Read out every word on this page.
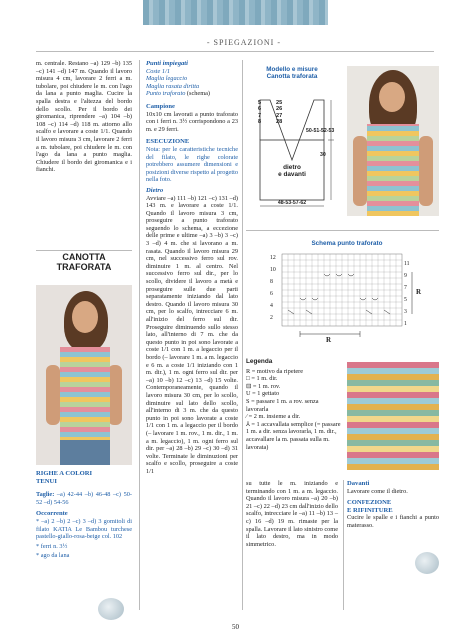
- SPIEGAZIONI -

m. centrale. Restano –a) 129 –b) 135 –c) 141 –d) 147 m. Quando il lavoro misura 4 cm, lavorare 2 ferri a m. tubolare, poi chiudere le m. con l'ago da lana a punto maglia. Cucire la spalla destra e l'altezza del bordo dello scollo. Per il bordo dei giromanica, riprendere –a) 104 –b) 108 –c) 114 –d) 118 m. attorno allo scalfo e lavorare a coste 1/1. Quando il lavoro misura 3 cm, lavorare 2 ferri a m. tubolare, poi chiudere le m. con l'ago da lana a punto maglia. Chiudere il bordo dei giromanica e i fianchi.

CANOTTA
TRAFORATA
RIGHE A COLORI
TENUI

Taglie: –a) 42-44 –b) 46-48 –c) 50-52 –d) 54-56

Occorrente

* –a) 2 –b) 2 –c) 3 –d) 3 gomitoli di filato KATIA Le Bambou turchese pastello-giallo-rosa-beige col. 102

* ferri n. 3½

* ago da lana

Punti impiegati
Coste 1/1
Maglia legaccio
Maglia rasata diritta
Punto traforato (schema)
Campione

10x10 cm lavorati a punto traforato con i ferri n. 3½ corrispondono a 23 m. e 29 ferri.

ESECUZIONE

Nota: per le caratteristiche tecniche del filato, le righe colorate potrebbero assumere dimensioni e posizioni diverse rispetto al progetto nella foto.

Dietro

Avviare –a) 111 –b) 121 –c) 131 –d) 143 m. e lavorare a coste 1/1. Quando il lavoro misura 3 cm, proseguire a punto traforato seguendo lo schema, a eccezione delle prime e ultime –a) 3 –b) 3 –c) 3 –d) 4 m. che si lavorano a m. rasata. Quando il lavoro misura 29 cm, nel successivo ferro sul rov. diminuire 1 m. al centro. Nel successivo ferro sul dir., per lo scollo, dividere il lavoro a metà e proseguire sulle due parti separatamente iniziando dal lato destro. Quando il lavoro misura 30 cm, per lo scalfo, intrecciare 6 m. all'inizio del ferro sul dir. Proseguire diminuendo sullo stesso lato, all'interno di 7 m. che da questo punto in poi sono lavorate a coste 1/1 con 1 m. a legaccio per il bordo (– lavorare 1 m. a m. legaccio e 6 m. a coste 1/1 iniziando con 1 m. dir.), 1 m. ogni ferro sul dir. per –a) 10 –b) 12 –c) 13 –d) 15 volte. Contemporaneamente, quando il lavoro misura 30 cm, per lo scollo, diminuire sul lato dello scollo, all'interno di 3 m. che da questo punto in poi sono lavorate a coste 1/1 con 1 m. a legaccio per il bordo (– lavorare 1 m. rov., 1 m. dir., 1 m. a m. legaccio), 1 m. ogni ferro sul dir. per –a) 28 –b) 29 –c) 30 –d) 31 volte. Terminate le diminuzioni per scalfo e scollo, proseguire a coste 1/1

Modello e misure
Canotta traforata
5
6
7
8
25
26
27
28
50-51-52-53
30
dietro
e davanti
48-53-57-62
Schema punto traforato
12
10
8
6
4
2
11
9
7
5
3
1
R
R
Legenda
R = motivo da ripetere
□ = 1 m. dir.
⊟ = 1 m. rov.
U = 1 gettato
S = passare 1 m. a rov. senza lavorarla
⁄ = 2 m. insieme a dir.
⅄ = 1 accavallata semplice (= passare 1 m. a dir. senza lavorarla, 1 m. dir., accavallare la m. passata sulla m. lavorata)

su tutte le m. iniziando e terminando con 1 m. a m. legaccio. Quando il lavoro misura –a) 20 –b) 21 –c) 22 –d) 23 cm dall'inizio dello scalfo, intrecciare le –a) 11 –b) 13 –c) 16 –d) 19 m. rimaste per la spalla. Lavorare il lato sinistro come il lato destro, ma in modo simmetrico.

Davanti

Lavorare come il dietro.

CONFEZIONE
E RIFINITURE

Cucire le spalle e i fianchi a punto materasso.

50
